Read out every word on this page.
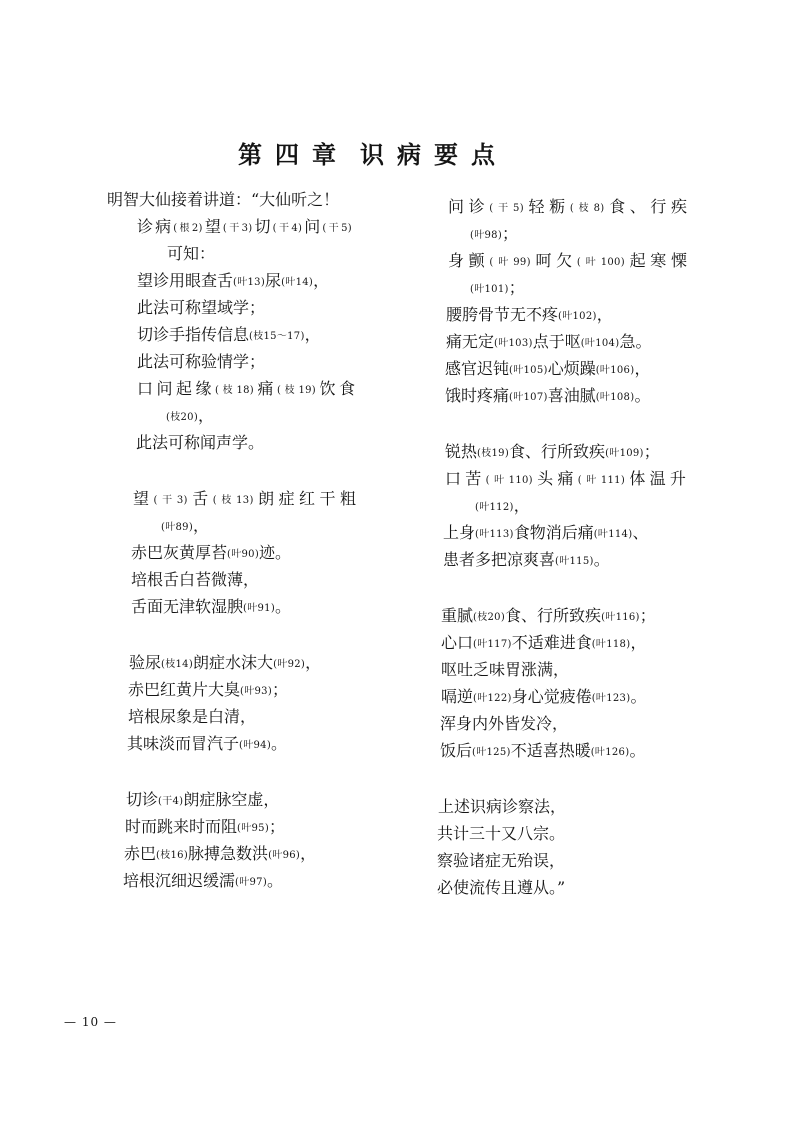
第四章 识病要点
明智大仙接着讲道：“大仙听之！
诊病(根2)望(干3)切(干4)问(干5)
可知：
望诊用眼查舌(叶13)尿(叶14)，
此法可称望域学；
切诊手指传信息(枝15～17)，
此法可称验情学；
口问起缘(枝18)痛(枝19)饮食
(枝20)，
此法可称闻声学。
望(干3)舌(枝13)朗症红干粗
(叶89)，
赤巴灰黄厚苔(叶90)迹。
培根舌白苔微薄，
舌面无津软湿腴(叶91)。
验尿(枝14)朗症水沫大(叶92)，
赤巴红黄片大臭(叶93)；
培根尿象是白清，
其味淡而冒汽子(叶94)。
切诊(干4)朗症脉空虚，
时而跳来时而阻(叶95)；
赤巴(枝16)脉搏急数洪(叶96)，
培根沉细迟缓濡(叶97)。
问诊(干5)轻粝(枝8)食、行疾
(叶98)；
身颤(叶99)呵欠(叶100)起寒慄
(叶101)；
腰胯骨节无不疼(叶102)，
痛无定(叶103)点于呕(叶104)急。
感官迟钝(叶105)心烦躁(叶106)，
饿时疼痛(叶107)喜油腻(叶108)。
锐热(枝19)食、行所致疾(叶109)；
口苦(叶110)头痛(叶111)体温升
(叶112)，
上身(叶113)食物消后痛(叶114)、
患者多把凉爽喜(叶115)。
重腻(枝20)食、行所致疾(叶116)；
心口(叶117)不适难进食(叶118)，
呕吐乏味胃涨满，
嗝逆(叶122)身心觉疲倦(叶123)。
浑身内外皆发冷，
饭后(叶125)不适喜热暖(叶126)。
上述识病诊察法，
共计三十又八宗。
察验诸症无殆误，
必使流传且遵从。”
— 10 —
